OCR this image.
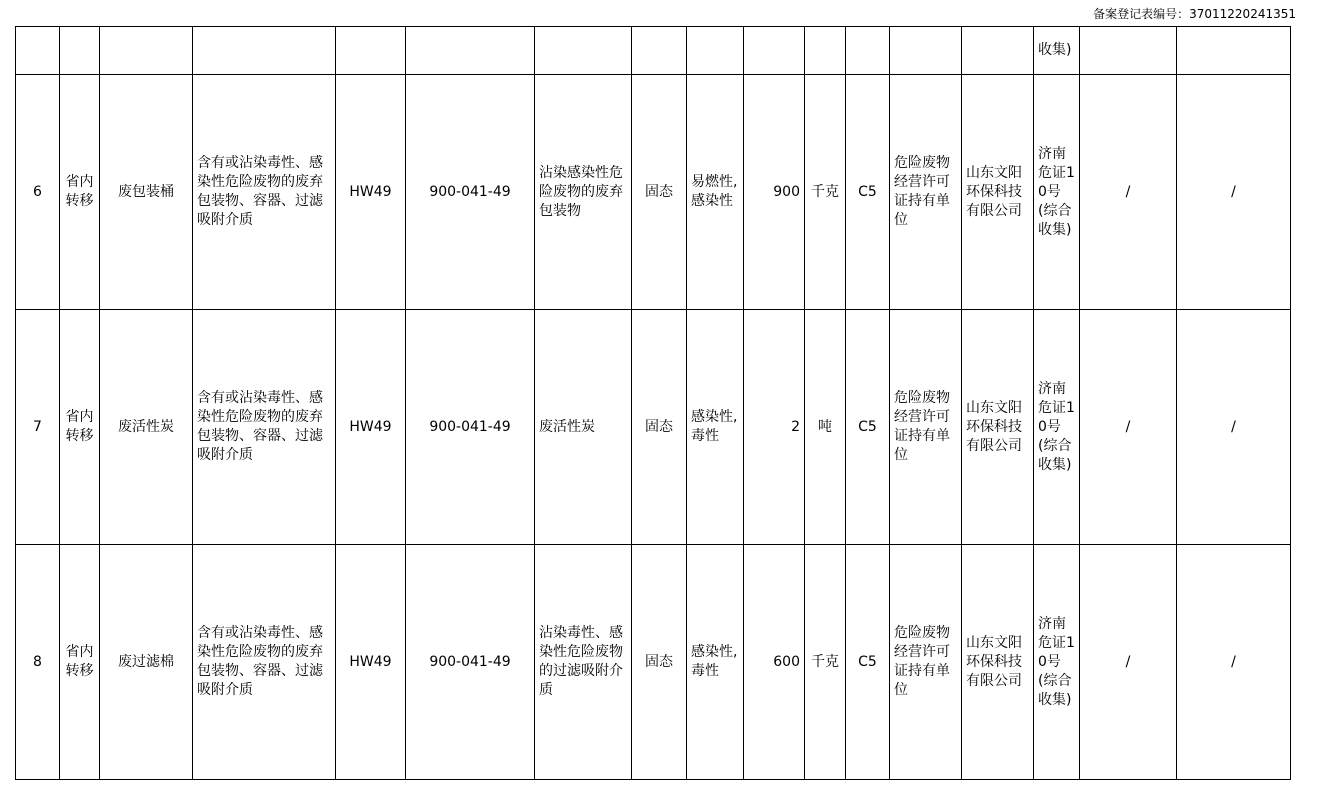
备案登记表编号：37011220241351
														收集)		
6	省内转移	废包装桶	含有或沾染毒性、感染性危险废物的废弃包装物、容器、过滤吸附介质	HW49	900-041-49	沾染感染性危险废物的废弃包装物	固态	易燃性,感染性	900	千克	C5	危险废物经营许可证持有单位	山东文阳环保科技有限公司	济南危证10号(综合收集)	/	/
7	省内转移	废活性炭	含有或沾染毒性、感染性危险废物的废弃包装物、容器、过滤吸附介质	HW49	900-041-49	废活性炭	固态	感染性,毒性	2	吨	C5	危险废物经营许可证持有单位	山东文阳环保科技有限公司	济南危证10号(综合收集)	/	/
8	省内转移	废过滤棉	含有或沾染毒性、感染性危险废物的废弃包装物、容器、过滤吸附介质	HW49	900-041-49	沾染毒性、感染性危险废物的过滤吸附介质	固态	感染性,毒性	600	千克	C5	危险废物经营许可证持有单位	山东文阳环保科技有限公司	济南危证10号(综合收集)	/	/
